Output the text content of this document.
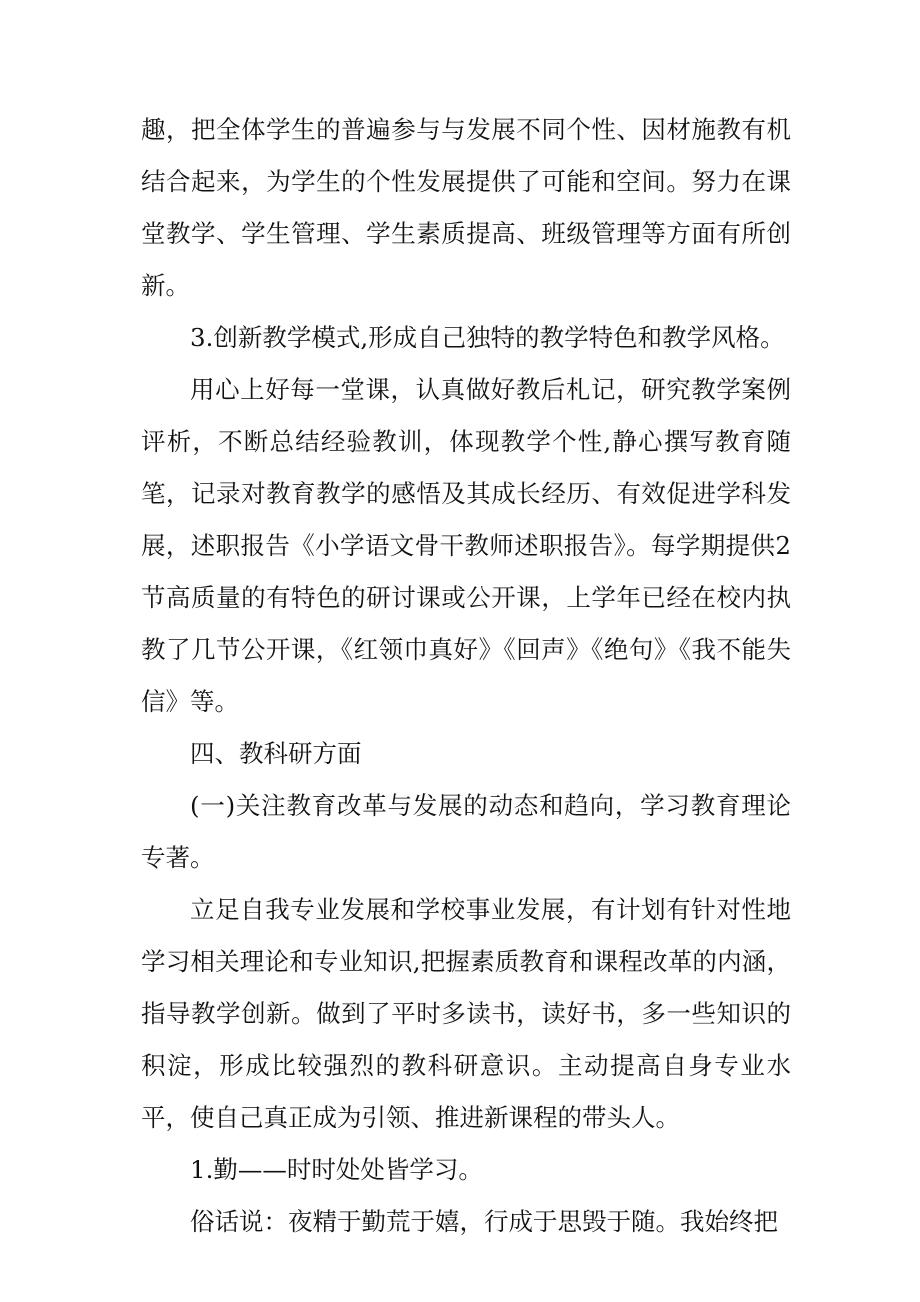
趣，把全体学生的普遍参与与发展不同个性、因材施教有机结合起来，为学生的个性发展提供了可能和空间。努力在课堂教学、学生管理、学生素质提高、班级管理等方面有所创新。

3.创新教学模式,形成自己独特的教学特色和教学风格。

用心上好每一堂课，认真做好教后札记，研究教学案例评析，不断总结经验教训，体现教学个性,静心撰写教育随笔，记录对教育教学的感悟及其成长经历、有效促进学科发展，述职报告《小学语文骨干教师述职报告》。每学期提供2节高质量的有特色的研讨课或公开课，上学年已经在校内执教了几节公开课，《红领巾真好》《回声》《绝句》《我不能失信》等。

四、教科研方面

(一)关注教育改革与发展的动态和趋向，学习教育理论专著。

立足自我专业发展和学校事业发展，有计划有针对性地学习相关理论和专业知识,把握素质教育和课程改革的内涵，指导教学创新。做到了平时多读书，读好书，多一些知识的积淀，形成比较强烈的教科研意识。主动提高自身专业水平，使自己真正成为引领、推进新课程的带头人。

1.勤——时时处处皆学习。

俗话说：夜精于勤荒于嬉，行成于思毁于随。我始终把
